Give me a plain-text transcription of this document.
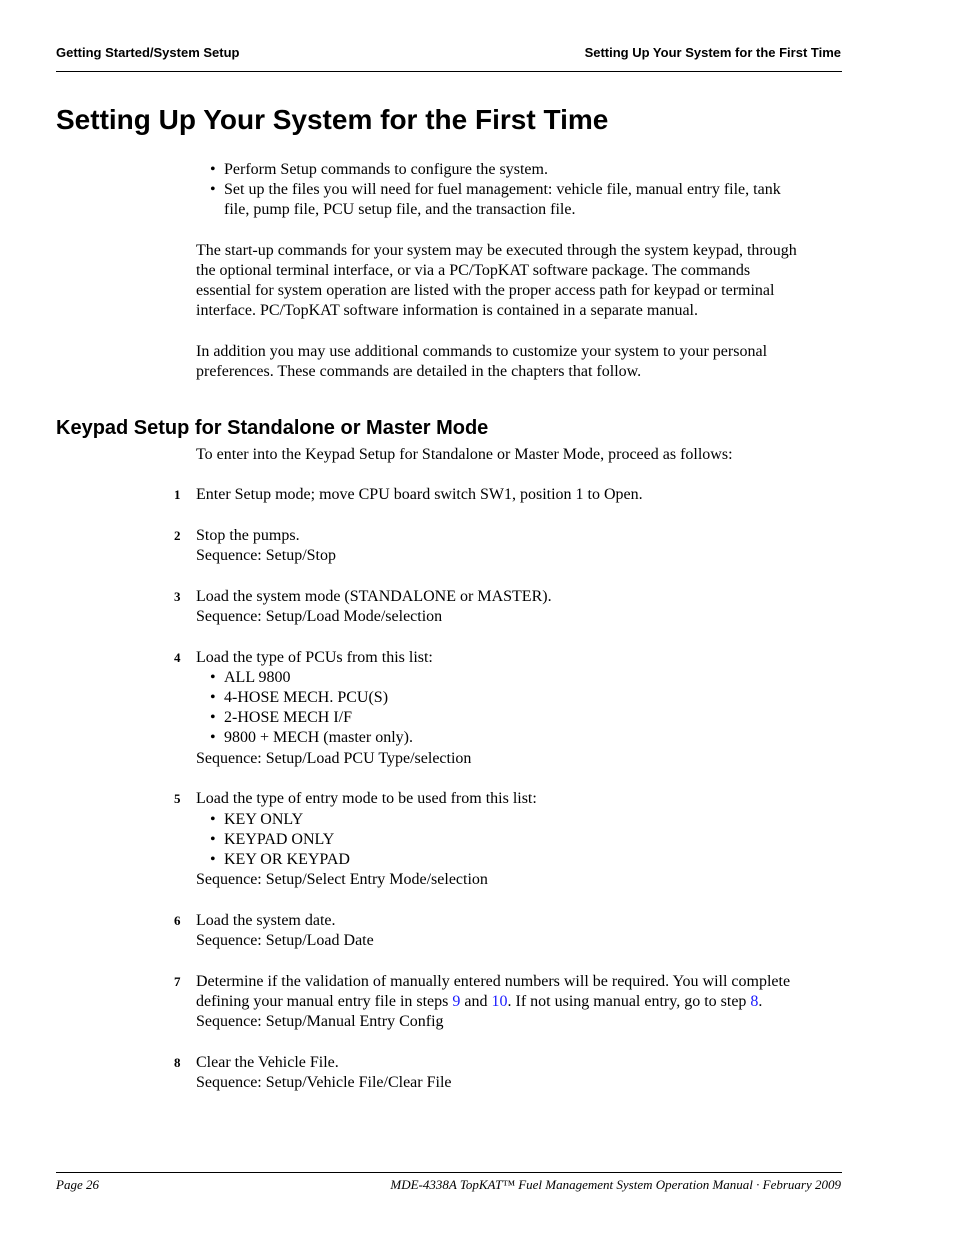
Getting Started/System Setup	Setting Up Your System for the First Time
Setting Up Your System for the First Time
• Perform Setup commands to configure the system.
• Set up the files you will need for fuel management: vehicle file, manual entry file, tank
file, pump file, PCU setup file, and the transaction file.
The start-up commands for your system may be executed through the system keypad, through
the optional terminal interface, or via a PC/TopKAT software package. The commands
essential for system operation are listed with the proper access path for keypad or terminal
interface. PC/TopKAT software information is contained in a separate manual.
In addition you may use additional commands to customize your system to your personal
preferences. These commands are detailed in the chapters that follow.
Keypad Setup for Standalone or Master Mode
To enter into the Keypad Setup for Standalone or Master Mode, proceed as follows:
1 Enter Setup mode; move CPU board switch SW1, position 1 to Open.
2 Stop the pumps.
Sequence: Setup/Stop
3 Load the system mode (STANDALONE or MASTER).
Sequence: Setup/Load Mode/selection
4 Load the type of PCUs from this list:
• ALL 9800
• 4-HOSE MECH. PCU(S)
• 2-HOSE MECH I/F
• 9800 + MECH (master only).
Sequence: Setup/Load PCU Type/selection
5 Load the type of entry mode to be used from this list:
• KEY ONLY
• KEYPAD ONLY
• KEY OR KEYPAD
Sequence: Setup/Select Entry Mode/selection
6 Load the system date.
Sequence: Setup/Load Date
7 Determine if the validation of manually entered numbers will be required. You will complete
defining your manual entry file in steps 9 and 10. If not using manual entry, go to step 8.
Sequence: Setup/Manual Entry Config
8 Clear the Vehicle File.
Sequence: Setup/Vehicle File/Clear File
Page 26	MDE-4338A TopKAT™ Fuel Management System Operation Manual · February 2009
